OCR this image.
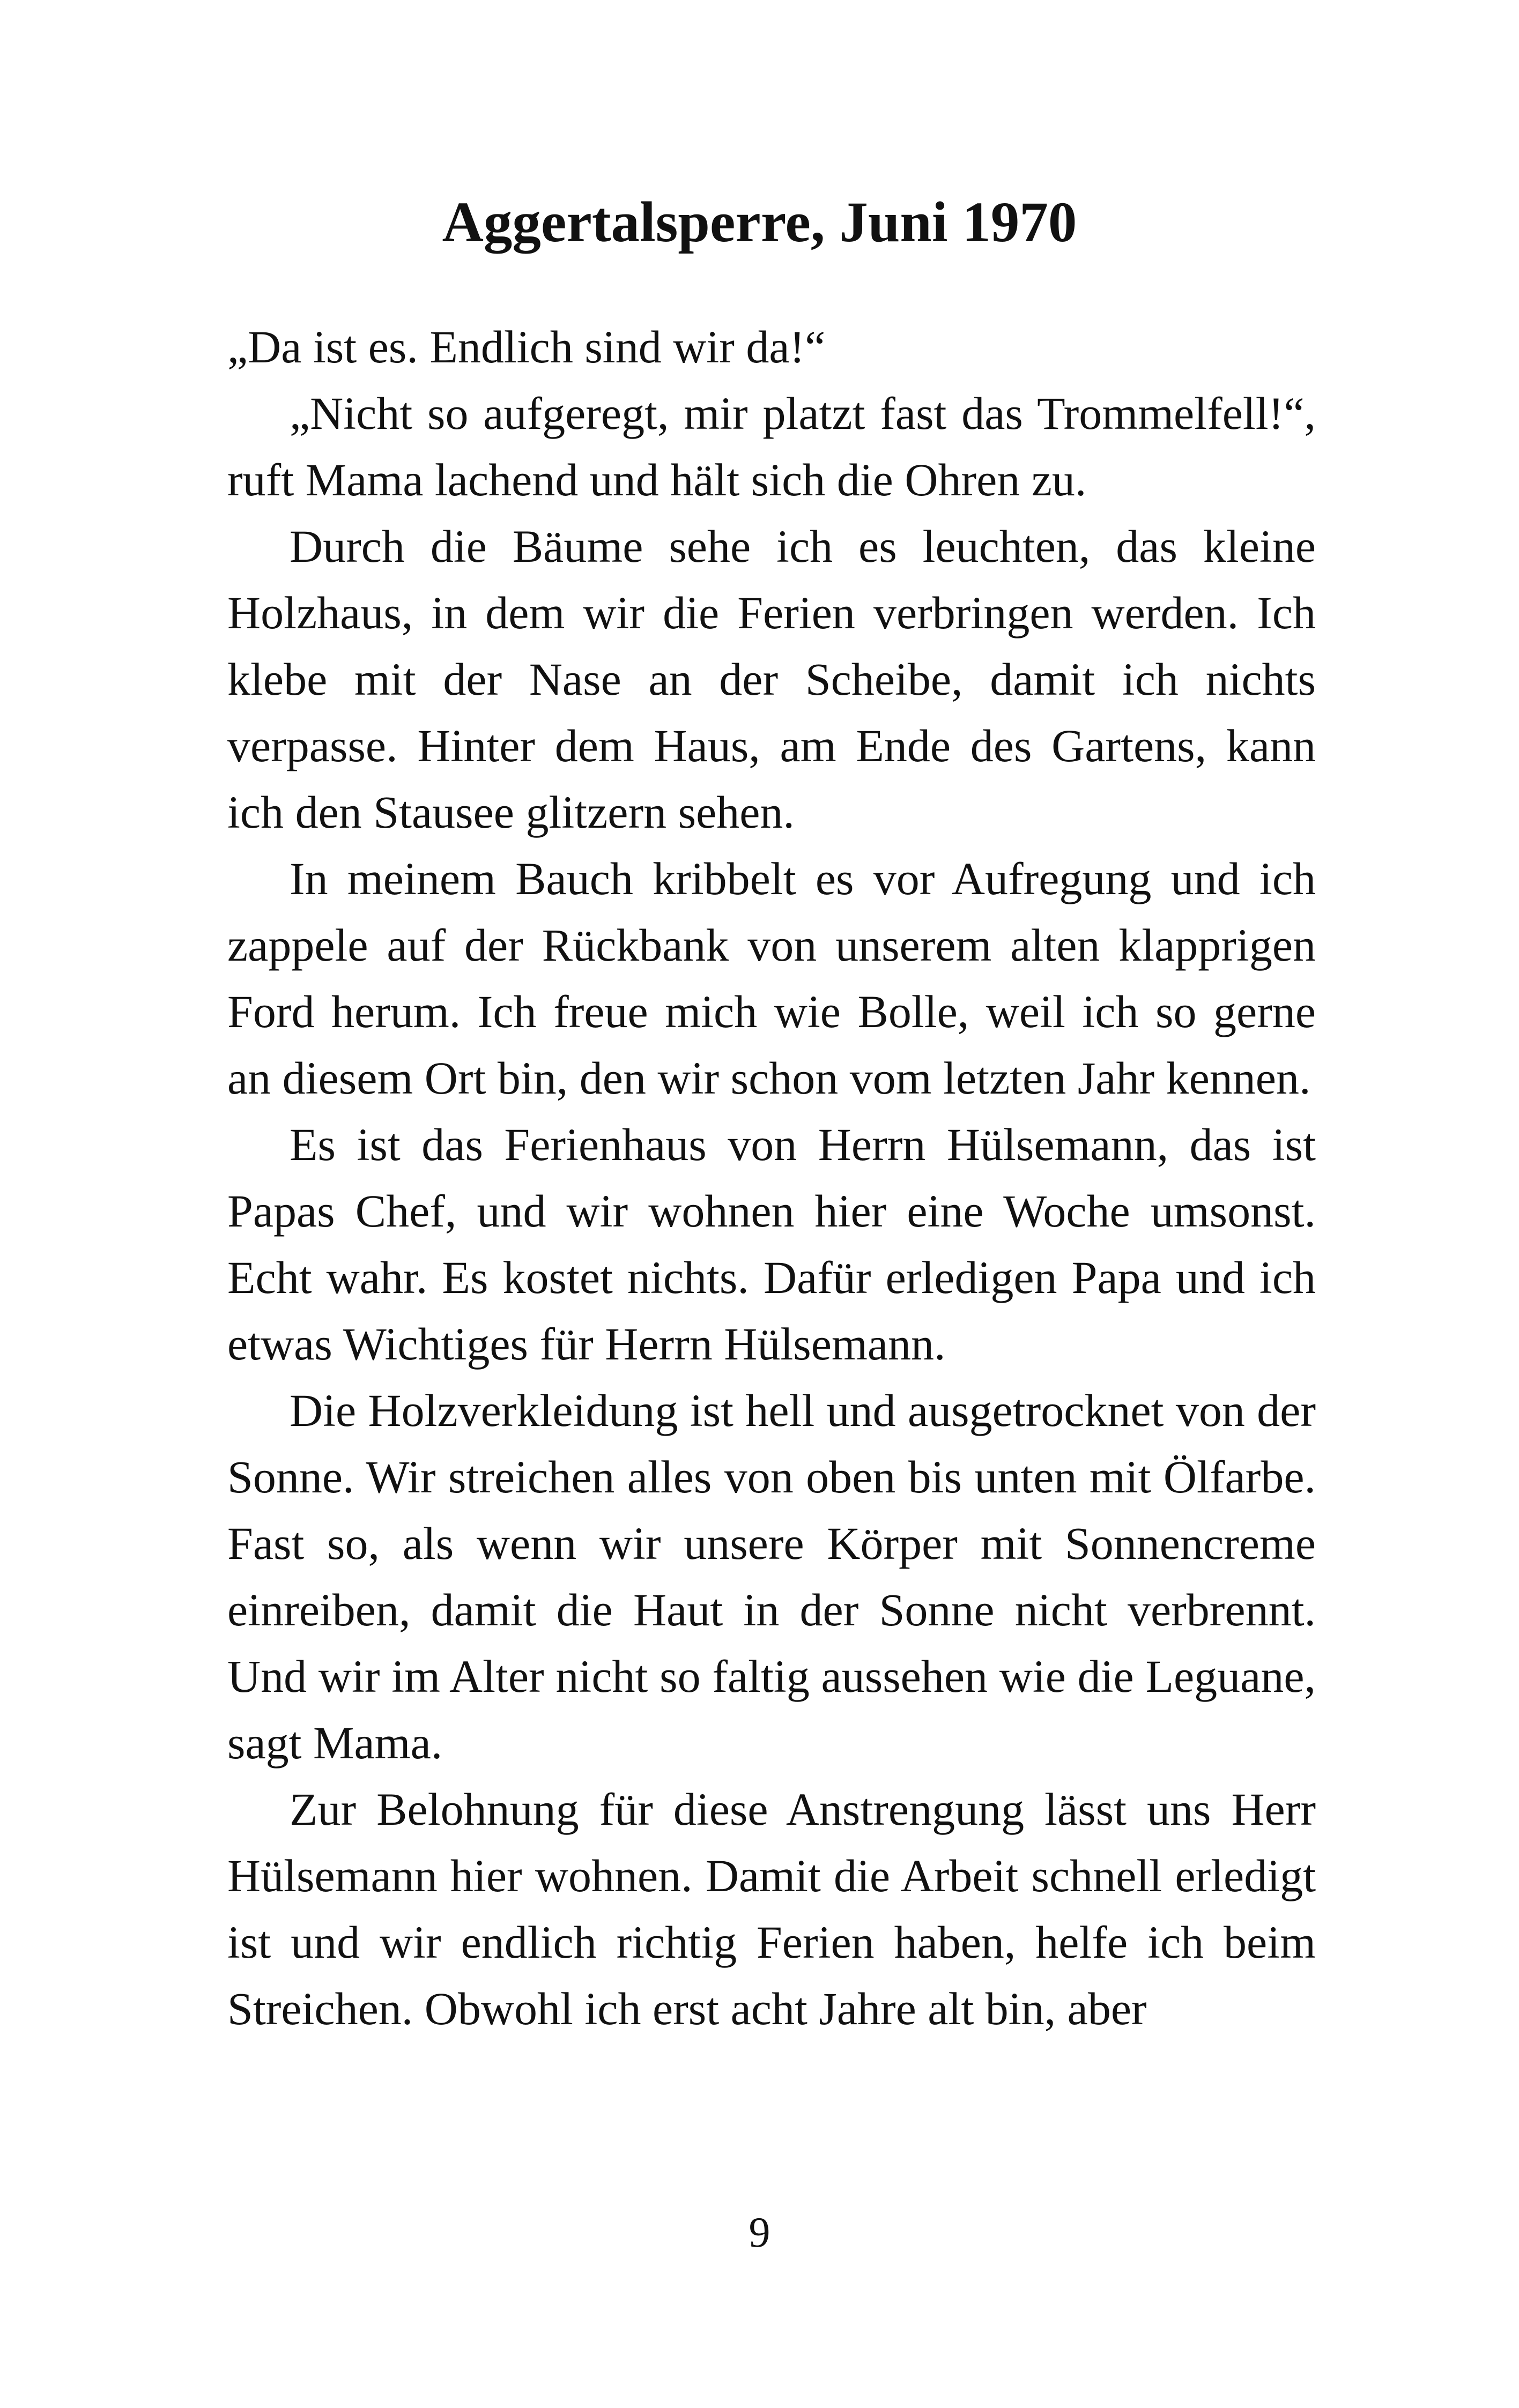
Aggertalsperre, Juni 1970

„Da ist es. Endlich sind wir da!“

„Nicht so aufgeregt, mir platzt fast das Trommelfell!“, ruft Mama lachend und hält sich die Ohren zu.

Durch die Bäume sehe ich es leuchten, das kleine Holzhaus, in dem wir die Ferien verbringen werden. Ich klebe mit der Nase an der Scheibe, damit ich nichts verpasse. Hinter dem Haus, am Ende des Gartens, kann ich den Stausee glitzern sehen.

In meinem Bauch kribbelt es vor Aufregung und ich zappele auf der Rückbank von unserem alten klapprigen Ford herum. Ich freue mich wie Bolle, weil ich so gerne an diesem Ort bin, den wir schon vom letzten Jahr kennen.

Es ist das Ferienhaus von Herrn Hülsemann, das ist Papas Chef, und wir wohnen hier eine Woche umsonst. Echt wahr. Es kostet nichts. Dafür erledigen Papa und ich etwas Wichtiges für Herrn Hülsemann.

Die Holzverkleidung ist hell und ausgetrocknet von der Sonne. Wir streichen alles von oben bis unten mit Ölfarbe. Fast so, als wenn wir unsere Körper mit Sonnencreme einreiben, damit die Haut in der Sonne nicht verbrennt. Und wir im Alter nicht so faltig aussehen wie die Leguane, sagt Mama.

Zur Belohnung für diese Anstrengung lässt uns Herr Hülsemann hier wohnen. Damit die Arbeit schnell erledigt ist und wir endlich richtig Ferien haben, helfe ich beim Streichen. Obwohl ich erst acht Jahre alt bin, aber

9
